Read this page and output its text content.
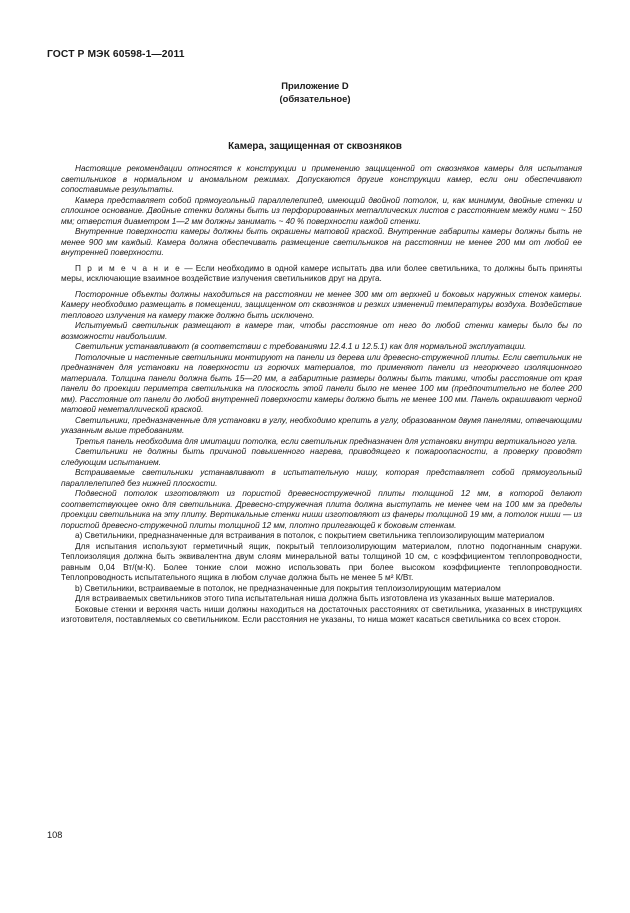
ГОСТ Р МЭК 60598-1—2011
Приложение D
(обязательное)
Камера, защищенная от сквозняков

Настоящие рекомендации относятся к конструкции и применению защищенной от сквозняков камеры для испытания светильников в нормальном и аномальном режимах. Допускаются другие конструкции камер, если они обеспечивают сопоставимые результаты.

Камера представляет собой прямоугольный параллелепипед, имеющий двойной потолок, и, как минимум, двойные стенки и сплошное основание. Двойные стенки должны быть из перфорированных металлических листов с расстоянием между ними ~ 150 мм; отверстия диаметром 1—2 мм должны занимать ~ 40 % поверхности каждой стенки.

Внутренние поверхности камеры должны быть окрашены матовой краской. Внутренние габариты камеры должны быть не менее 900 мм каждый. Камера должна обеспечивать размещение светильников на расстоянии не менее 200 мм от любой ее внутренней поверхности.

П р и м е ч а н и е — Если необходимо в одной камере испытать два или более светильника, то должны быть приняты меры, исключающие взаимное воздействие излучения светильников друг на друга.

Посторонние объекты должны находиться на расстоянии не менее 300 мм от верхней и боковых наружных стенок камеры. Камеру необходимо размещать в помещении, защищенном от сквозняков и резких изменений температуры воздуха. Воздействие теплового излучения на камеру также должно быть исключено.

Испытуемый светильник размещают в камере так, чтобы расстояние от него до любой стенки камеры было бы по возможности наибольшим.

Светильник устанавливают (в соответствии с требованиями 12.4.1 и 12.5.1) как для нормальной эксплуатации.

Потолочные и настенные светильники монтируют на панели из дерева или древесно-стружечной плиты. Если светильник не предназначен для установки на поверхности из горючих материалов, то применяют панели из негорючего изоляционного материала. Толщина панели должна быть 15—20 мм, а габаритные размеры должны быть такими, чтобы расстояние от края панели до проекции периметра светильника на плоскость этой панели было не менее 100 мм (предпочтительно не более 200 мм). Расстояние от панели до любой внутренней поверхности камеры должно быть не менее 100 мм. Панель окрашивают черной матовой неметаллической краской.

Светильники, предназначенные для установки в углу, необходимо крепить в углу, образованном двумя панелями, отвечающими указанным выше требованиям.

Третья панель необходима для имитации потолка, если светильник предназначен для установки внутри вертикального угла.

Светильники не должны быть причиной повышенного нагрева, приводящего к пожароопасности, а проверку проводят следующим испытанием.

Встраиваемые светильники устанавливают в испытательную нишу, которая представляет собой прямоугольный параллелепипед без нижней плоскости.

Подвесной потолок изготовляют из пористой древесностружечной плиты толщиной 12 мм, в которой делают соответствующее окно для светильника. Древесно-стружечная плита должна выступать не менее чем на 100 мм за пределы проекции светильника на эту плиту. Вертикальные стенки ниши изготовляют из фанеры толщиной 19 мм, а потолок ниши — из пористой древесно-стружечной плиты толщиной 12 мм, плотно прилегающей к боковым стенкам.

a) Светильники, предназначенные для встраивания в потолок, с покрытием светильника теплоизолирующим материалом

Для испытания используют герметичный ящик, покрытый теплоизолирующим материалом, плотно подогнанным снаружи. Теплоизоляция должна быть эквивалентна двум слоям минеральной ваты толщиной 10 см, с коэффициентом теплопроводности, равным 0,04 Вт/(м·К). Более тонкие слои можно использовать при более высоком коэффициенте теплопроводности. Теплопроводность испытательного ящика в любом случае должна быть не менее 5 м² К/Вт.

b) Светильники, встраиваемые в потолок, не предназначенные для покрытия теплоизолирующим материалом

Для встраиваемых светильников этого типа испытательная ниша должна быть изготовлена из указанных выше материалов.

Боковые стенки и верхняя часть ниши должны находиться на достаточных расстояниях от светильника, указанных в инструкциях изготовителя, поставляемых со светильником. Если расстояния не указаны, то ниша может касаться светильника со всех сторон.

108
